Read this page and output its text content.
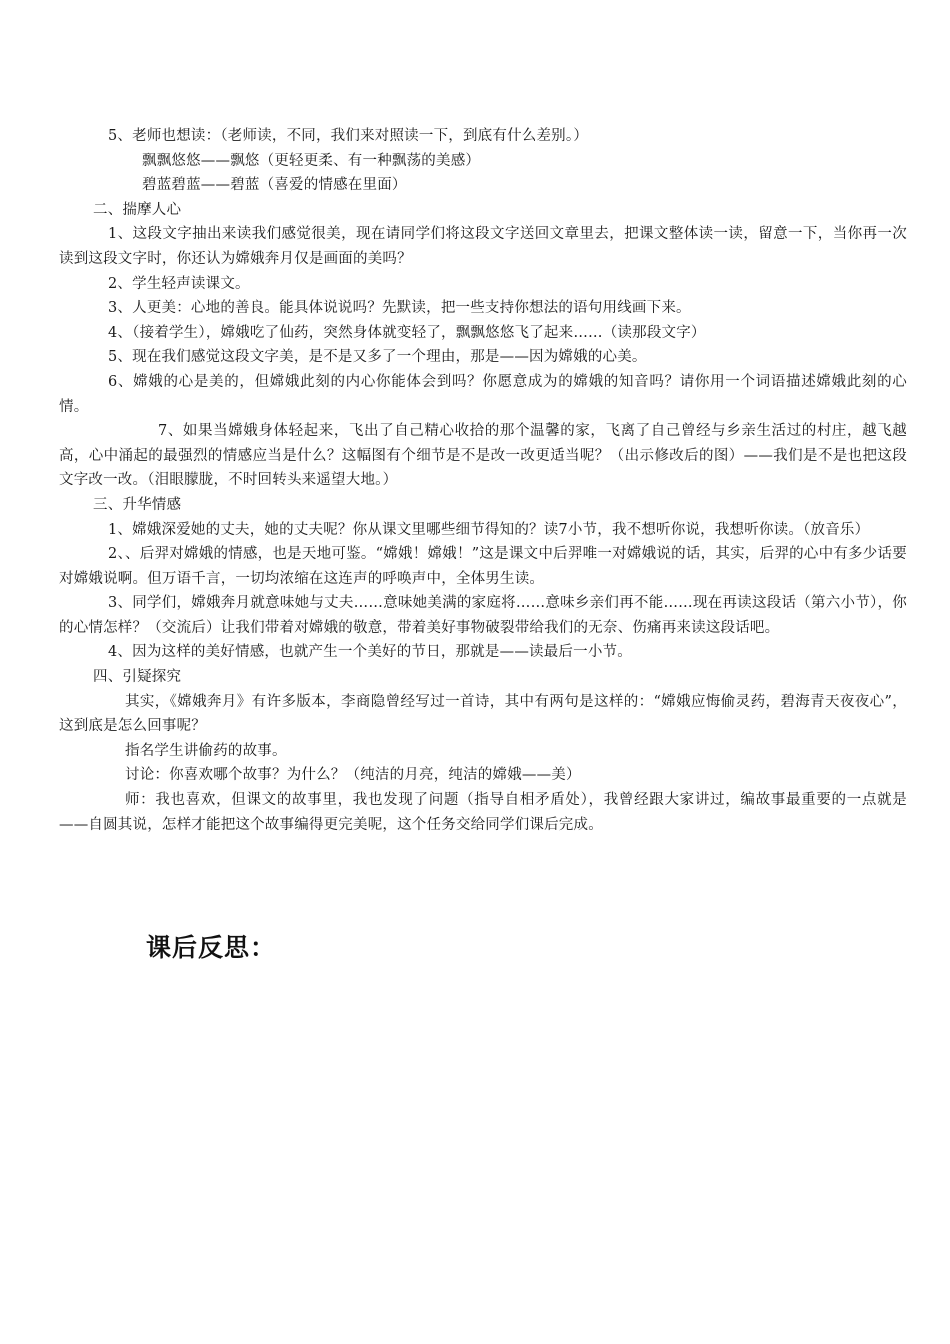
5、老师也想读：（老师读，不同，我们来对照读一下，到底有什么差别。）

飘飘悠悠——飘悠（更轻更柔、有一种飘荡的美感）

碧蓝碧蓝——碧蓝（喜爱的情感在里面）

二、揣摩人心

1、这段文字抽出来读我们感觉很美，现在请同学们将这段文字送回文章里去，把课文整体读一读，留意一下，当你再一次读到这段文字时，你还认为嫦娥奔月仅是画面的美吗？

2、学生轻声读课文。

3、人更美：心地的善良。能具体说说吗？先默读，把一些支持你想法的语句用线画下来。

4、（接着学生），嫦娥吃了仙药，突然身体就变轻了，飘飘悠悠飞了起来……（读那段文字）

5、现在我们感觉这段文字美，是不是又多了一个理由，那是——因为嫦娥的心美。

6、嫦娥的心是美的，但嫦娥此刻的内心你能体会到吗？你愿意成为的嫦娥的知音吗？请你用一个词语描述嫦娥此刻的心情。

7、如果当嫦娥身体轻起来，飞出了自己精心收拾的那个温馨的家，飞离了自己曾经与乡亲生活过的村庄，越飞越高，心中涌起的最强烈的情感应当是什么？这幅图有个细节是不是改一改更适当呢？（出示修改后的图）——我们是不是也把这段文字改一改。（泪眼朦胧，不时回转头来遥望大地。）

三、升华情感

1、嫦娥深爱她的丈夫，她的丈夫呢？你从课文里哪些细节得知的？读7小节，我不想听你说，我想听你读。（放音乐）

2、、后羿对嫦娥的情感，也是天地可鉴。“嫦娥！嫦娥！”这是课文中后羿唯一对嫦娥说的话，其实，后羿的心中有多少话要对嫦娥说啊。但万语千言，一切均浓缩在这连声的呼唤声中，全体男生读。

3、同学们，嫦娥奔月就意味她与丈夫……意味她美满的家庭将……意味乡亲们再不能……现在再读这段话（第六小节），你的心情怎样？（交流后）让我们带着对嫦娥的敬意，带着美好事物破裂带给我们的无奈、伤痛再来读这段话吧。

4、因为这样的美好情感，也就产生一个美好的节日，那就是——读最后一小节。

四、引疑探究

其实，《嫦娥奔月》有许多版本，李商隐曾经写过一首诗，其中有两句是这样的：“嫦娥应悔偷灵药，碧海青天夜夜心”，这到底是怎么回事呢？

指名学生讲偷药的故事。

讨论：你喜欢哪个故事？为什么？（纯洁的月亮，纯洁的嫦娥——美）

师：我也喜欢，但课文的故事里，我也发现了问题（指导自相矛盾处），我曾经跟大家讲过，编故事最重要的一点就是——自圆其说，怎样才能把这个故事编得更完美呢，这个任务交给同学们课后完成。

课后反思：
